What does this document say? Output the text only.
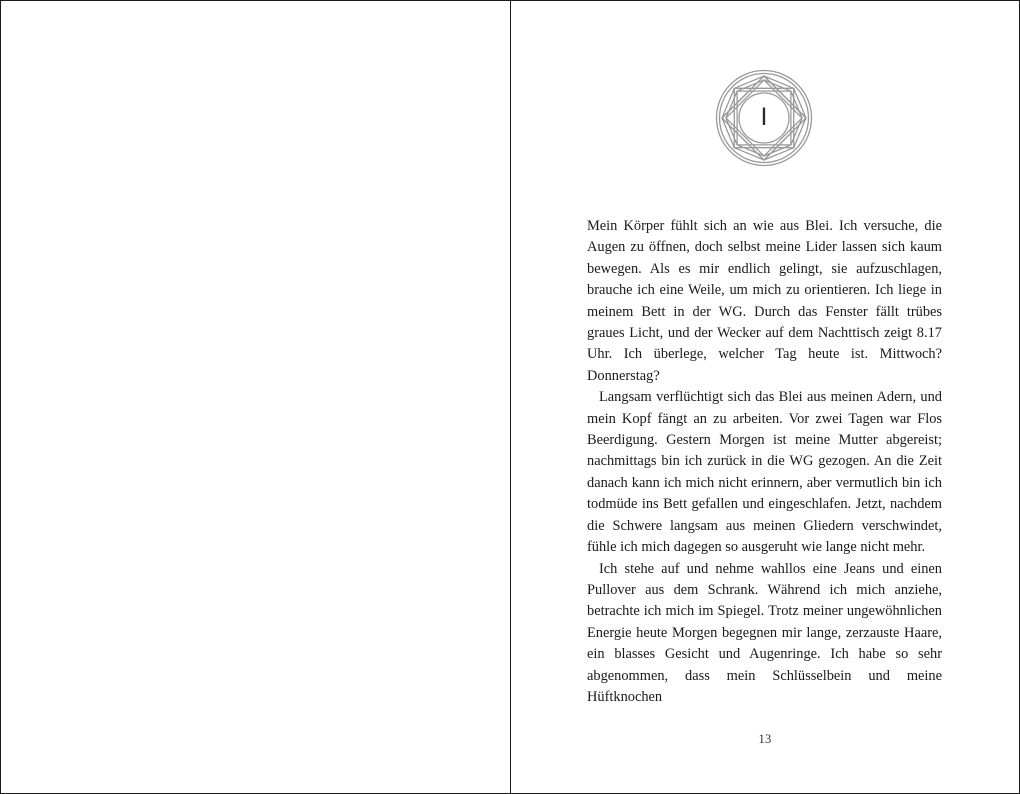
I

Mein Körper fühlt sich an wie aus Blei. Ich versuche, die Augen zu öffnen, doch selbst meine Lider lassen sich kaum bewegen. Als es mir endlich gelingt, sie aufzuschlagen, brauche ich eine Weile, um mich zu orientieren. Ich liege in meinem Bett in der WG. Durch das Fenster fällt trübes graues Licht, und der Wecker auf dem Nachttisch zeigt 8.17 Uhr. Ich überlege, welcher Tag heute ist. Mittwoch? Donnerstag?

Langsam verflüchtigt sich das Blei aus meinen Adern, und mein Kopf fängt an zu arbeiten. Vor zwei Tagen war Flos Beerdigung. Gestern Morgen ist meine Mutter abgereist; nachmittags bin ich zurück in die WG gezogen. An die Zeit danach kann ich mich nicht erinnern, aber vermutlich bin ich todmüde ins Bett gefallen und eingeschlafen. Jetzt, nachdem die Schwere langsam aus meinen Gliedern verschwindet, fühle ich mich dagegen so ausgeruht wie lange nicht mehr.

Ich stehe auf und nehme wahllos eine Jeans und einen Pullover aus dem Schrank. Während ich mich anziehe, betrachte ich mich im Spiegel. Trotz meiner ungewöhnlichen Energie heute Morgen begegnen mir lange, zerzauste Haare, ein blasses Gesicht und Augenringe. Ich habe so sehr abgenommen, dass mein Schlüsselbein und meine Hüftknochen

13
